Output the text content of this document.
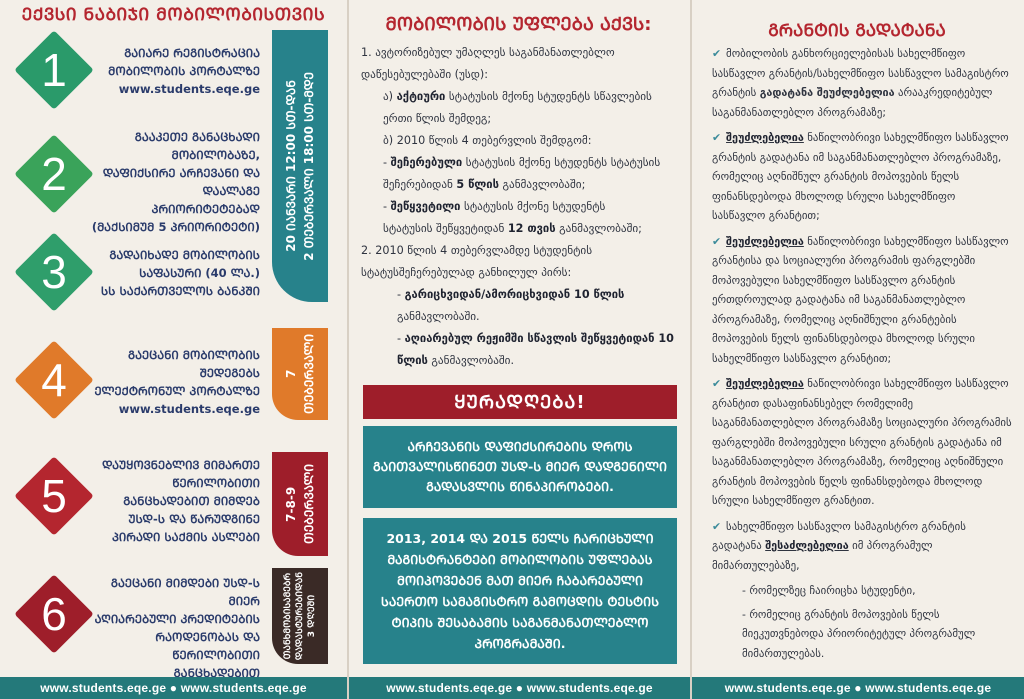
ᲔᲥᲕᲡᲘ ᲜᲐᲑᲘᲯᲘ ᲛᲝᲑᲘᲚᲝᲑᲘᲡᲗᲕᲘᲡ
1	ᲒᲐᲘᲐᲠᲔ ᲠᲔᲒᲘᲡᲢᲠᲐᲪᲘᲐ
ᲛᲝᲑᲘᲚᲝᲑᲘᲡ ᲞᲝᲠᲢᲐᲚᲖᲔ
www.students.eqe.ge
2
ᲒᲐᲐᲙᲔᲗᲔ ᲒᲐᲜᲐᲪᲮᲐᲓᲘ
ᲛᲝᲑᲘᲚᲝᲑᲐᲖᲔ,
ᲓᲐᲤᲘᲥᲡᲘᲠᲔ ᲐᲠᲩᲔᲕᲐᲜᲘ ᲓᲐ
ᲓᲐᲐᲚᲐᲒᲔ ᲞᲠᲘᲝᲠᲘᲢᲔᲢᲔᲑᲐᲓ
(ᲛᲐᲥᲡᲘᲛᲣᲛ 5 ᲞᲠᲘᲝᲠᲘᲢᲔᲢᲘ)
3	ᲒᲐᲓᲐᲘᲮᲐᲓᲔ ᲛᲝᲑᲘᲚᲝᲑᲘᲡ
ᲡᲐᲤᲐᲡᲣᲠᲘ (40 ᲚᲐ.)
ᲡᲡ ᲡᲐᲥᲐᲠᲗᲕᲔᲚᲝᲡ ᲑᲐᲜᲙᲨᲘ
20 ᲘᲐᲜᲕᲐᲠᲘ 12:00 ᲡᲗ-ᲓᲐᲜ
2 ᲗᲔᲑᲔᲠᲕᲐᲚᲘ 18:00 ᲡᲗ-ᲛᲓᲔ
4	ᲒᲐᲔᲪᲐᲜᲘ ᲛᲝᲑᲘᲚᲝᲑᲘᲡ
ᲨᲔᲓᲔᲒᲔᲑᲡ
ᲔᲚᲔᲥᲢᲠᲝᲜᲣᲚ ᲞᲝᲠᲢᲐᲚᲖᲔ
www.students.eqe.ge
7
ᲗᲔᲑᲔᲠᲕᲐᲚᲘ
5
ᲓᲐᲣᲧᲝᲕᲜᲔᲑᲚᲘᲕ ᲛᲘᲛᲐᲠᲗᲔ
ᲬᲔᲠᲘᲚᲝᲑᲘᲗᲘ
ᲒᲐᲜᲪᲮᲐᲓᲔᲑᲘᲗ ᲛᲘᲛᲓᲔᲑ
ᲣᲡᲓ-Ს ᲓᲐ ᲬᲐᲠᲣᲓᲒᲘᲜᲔ
ᲞᲘᲠᲐᲓᲘ ᲡᲐᲥᲛᲘᲡ ᲐᲡᲚᲔᲑᲘ
7-8-9
ᲗᲔᲑᲔᲠᲕᲐᲚᲘ
6
ᲒᲐᲔᲪᲐᲜᲘ ᲛᲘᲛᲓᲔᲑᲘ ᲣᲡᲓ-Ს ᲛᲘᲔᲠ
ᲐᲦᲘᲐᲠᲔᲑᲣᲚᲘ ᲙᲠᲔᲓᲘᲢᲔᲑᲘᲡ
ᲠᲐᲝᲓᲔᲜᲝᲑᲐᲡ ᲓᲐ
ᲬᲔᲠᲘᲚᲝᲑᲘᲗᲘ ᲒᲐᲜᲪᲮᲐᲓᲔᲑᲘᲗ
ᲗᲐᲜᲮᲛᲝᲑᲘᲡᲐᲛᲔᲑᲠ
ᲓᲐᲓᲐᲡᲢᲣᲠᲔᲑᲘᲓᲐᲜ
3 ᲓᲦᲔᲨᲘ
www.students.eqe.ge ● www.students.eqe.ge
ᲛᲝᲑᲘᲚᲝᲑᲘᲡ ᲣᲤᲚᲔᲑᲐ ᲐᲥᲕᲡ:

1. ავტორიზებულ უმაღლეს საგანმანათლებლო დაწესებულებაში (უსდ):

ა) აქტიური სტატუსის მქონე სტუდენტს სწავლების ერთი წლის შემდეგ;

ბ) 2010 წლის 4 თებერვლის შემდგომ:

- შეჩერებული სტატუსის მქონე სტუდენტს სტატუსის შეჩერებიდან 5 წლის განმავლობაში;

- შეწყვეტილი სტატუსის მქონე სტუდენტს

სტატუსის შეწყვეტიდან 12 თვის განმავლობაში;

2. 2010 წლის 4 თებერვლამდე სტუდენტის სტატუსშეჩერებულად განხილულ პირს:

- გარიცხვიდან/ამორიცხვიდან 10 წლის განმავლობაში.

- აღიარებულ რეჟიმში სწავლის შეწყვეტიდან 10 წლის განმავლობაში.

ᲧᲣᲠᲐᲓᲦᲔᲑᲐ!
ᲐᲠᲩᲔᲕᲐᲜᲘᲡ ᲓᲐᲤᲘᲥᲡᲘᲠᲔᲑᲘᲡ ᲓᲠᲝᲡ ᲒᲐᲘᲗᲕᲐᲚᲘᲡᲬᲘᲜᲔᲗ ᲣᲡᲓ-Ს ᲛᲘᲔᲠ ᲓᲐᲓᲒᲔᲜᲘᲚᲘ ᲒᲐᲓᲐᲡᲕᲚᲘᲡ ᲬᲘᲜᲐᲞᲘᲠᲝᲑᲔᲑᲘ.
2013, 2014 ᲓᲐ 2015 ᲬᲔᲚᲡ ᲩᲐᲠᲘᲪᲮᲣᲚᲘ ᲛᲐᲒᲘᲡᲢᲠᲐᲜᲢᲔᲑᲘ ᲛᲝᲑᲘᲚᲝᲑᲘᲡ ᲣᲤᲚᲔᲑᲐᲡ ᲛᲝᲘᲞᲝᲕᲔᲑᲔᲜ ᲛᲐᲗ ᲛᲘᲔᲠ ᲩᲐᲑᲐᲠᲔᲑᲣᲚᲘ ᲡᲐᲔᲠᲗᲝ ᲡᲐᲛᲐᲒᲘᲡᲢᲠᲝ ᲒᲐᲛᲝᲪᲓᲘᲡ ᲢᲔᲡᲢᲘᲡ ᲢᲘᲞᲘᲡ ᲨᲔᲡᲐᲑᲐᲛᲘᲡ ᲡᲐᲒᲐᲜᲛᲐᲜᲐᲗᲚᲔᲑᲚᲝ ᲞᲠᲝᲒᲠᲐᲛᲐᲨᲘ.
www.students.eqe.ge ● www.students.eqe.ge
ᲒᲠᲐᲜᲢᲘᲡ ᲒᲐᲓᲐᲢᲐᲜᲐ
✔ მობილობის განხორციელებისას სახელმწიფო სასწავლო გრანტის/სახელმწიფო სასწავლო სამაგისტრო გრანტის გადატანა შეუძლებელია არააკრედიტებულ საგანმანათლებლო პროგრამაზე;
✔ შეუძლებელია ნაწილობრივი სახელმწიფო სასწავლო გრანტის გადატანა იმ საგანმანათლებლო პროგრამაზე, რომელიც აღნიშნულ გრანტის მოპოვების წელს ფინანსდებოდა მხოლოდ სრული სახელმწიფო სასწავლო გრანტით;
✔ შეუძლებელია ნაწილობრივი სახელმწიფო სასწავლო გრანტისა და სოციალური პროგრამის ფარგლებში მოპოვებული სახელმწიფო სასწავლო გრანტის ერთდროულად გადატანა იმ საგანმანათლებლო პროგრამაზე, რომელიც აღნიშნული გრანტების მოპოვების წელს ფინანსდებოდა მხოლოდ სრული სახელმწიფო სასწავლო გრანტით;
✔ შეუძლებელია ნაწილობრივი სახელმწიფო სასწავლო გრანტით დასაფინანსებელ რომელიმე საგანმანათლებლო პროგრამაზე სოციალური პროგრამის ფარგლებში მოპოვებული სრული გრანტის გადატანა იმ საგანმანათლებლო პროგრამაზე, რომელიც აღნიშნული გრანტის მოპოვების წელს ფინანსდებოდა მხოლოდ სრული სახელმწიფო გრანტით.
✔ სახელმწიფო სასწავლო სამაგისტრო გრანტის გადატანა შესაძლებელია იმ პროგრამულ მიმართულებაზე,
- რომელზეც ჩაირიცხა სტუდენტი,
- რომელიც გრანტის მოპოვების წელს მიეკუთვნებოდა პრიორიტეტულ პროგრამულ მიმართულებას.
www.students.eqe.ge ● www.students.eqe.ge
